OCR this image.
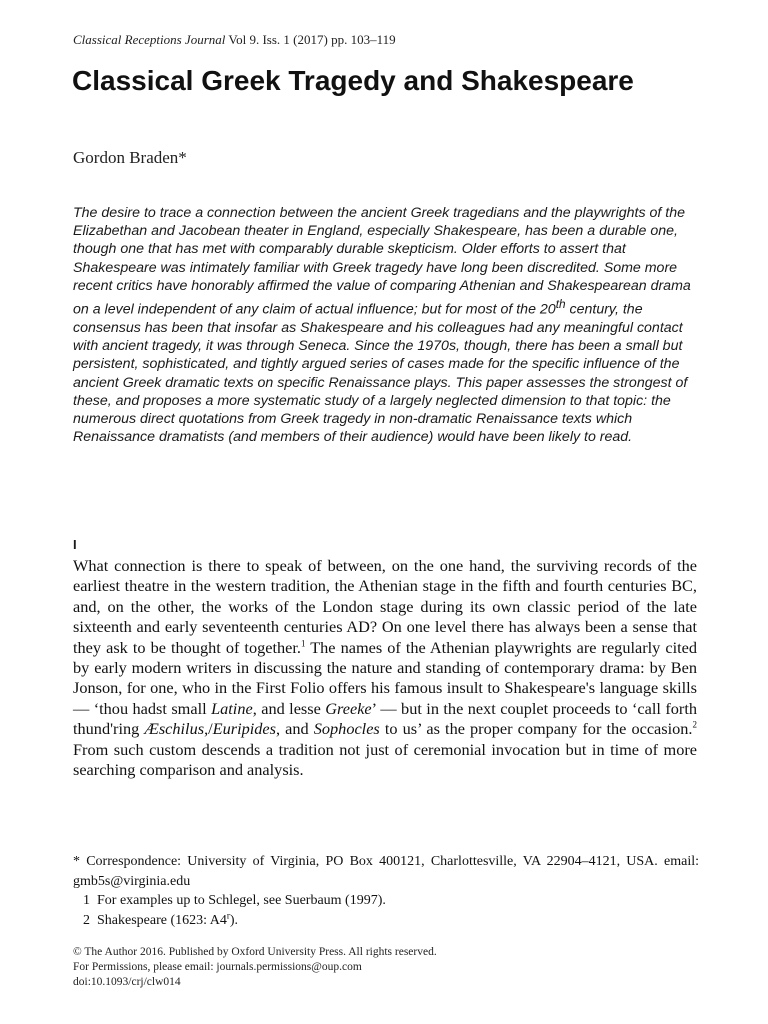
Classical Receptions Journal Vol 9. Iss. 1 (2017) pp. 103–119
Classical Greek Tragedy and Shakespeare
Gordon Braden*

The desire to trace a connection between the ancient Greek tragedians and the playwrights of the Elizabethan and Jacobean theater in England, especially Shakespeare, has been a durable one, though one that has met with comparably durable skepticism. Older efforts to assert that Shakespeare was intimately familiar with Greek tragedy have long been discredited. Some more recent critics have honorably affirmed the value of comparing Athenian and Shakespearean drama on a level independent of any claim of actual influence; but for most of the 20th century, the consensus has been that insofar as Shakespeare and his colleagues had any meaningful contact with ancient tragedy, it was through Seneca. Since the 1970s, though, there has been a small but persistent, sophisticated, and tightly argued series of cases made for the specific influence of the ancient Greek dramatic texts on specific Renaissance plays. This paper assesses the strongest of these, and proposes a more systematic study of a largely neglected dimension to that topic: the numerous direct quotations from Greek tragedy in non-dramatic Renaissance texts which Renaissance dramatists (and members of their audience) would have been likely to read.

I

What connection is there to speak of between, on the one hand, the surviving records of the earliest theatre in the western tradition, the Athenian stage in the fifth and fourth centuries BC, and, on the other, the works of the London stage during its own classic period of the late sixteenth and early seventeenth centuries AD? On one level there has always been a sense that they ask to be thought of together.$^1$ The names of the Athenian playwrights are regularly cited by early modern writers in discussing the nature and standing of contemporary drama: by Ben Jonson, for one, who in the First Folio offers his famous insult to Shakespeare's language skills — ‘thou hadst small Latine, and lesse Greeke’ — but in the next couplet proceeds to ‘call forth thund'ring Æschilus,/Euripides, and Sophocles to us’ as the proper company for the occasion.$^2$ From such custom descends a tradition not just of ceremonial invocation but in time of more searching comparison and analysis.

* Correspondence: University of Virginia, PO Box 400121, Charlottesville, VA 22904–4121, USA. email: gmb5s@virginia.edu

1 For examples up to Schlegel, see Suerbaum (1997).

2 Shakespeare (1623: A4$^r$).

© The Author 2016. Published by Oxford University Press. All rights reserved.
For Permissions, please email: journals.permissions@oup.com
doi:10.1093/crj/clw014
